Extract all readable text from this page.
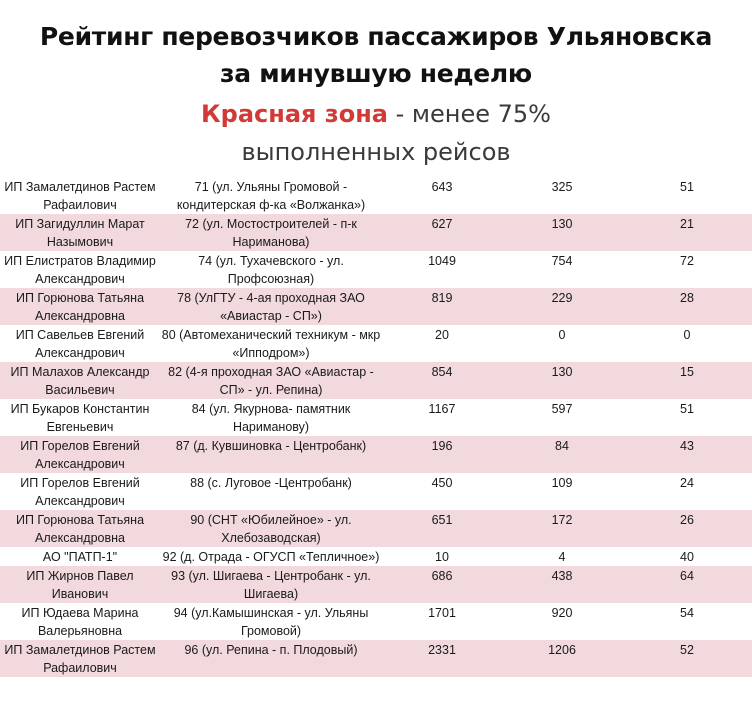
Рейтинг перевозчиков пассажиров Ульяновска
за минувшую неделю
Красная зона - менее 75%
выполненных рейсов
ИП Замалетдинов Растем Рафаилович	71 (ул. Ульяны Громовой - кондитерская ф-ка «Волжанка»)	643	325	51
ИП Загидуллин Марат Назымович	72 (ул. Мостостроителей - п-к Нариманова)	627	130	21
ИП Елистратов Владимир Александрович	74 (ул. Тухачевского - ул. Профсоюзная)	1049	754	72
ИП Горюнова Татьяна Александровна	78 (УлГТУ - 4-ая проходная ЗАО «Авиастар - СП»)	819	229	28
ИП Савельев Евгений Александрович	80 (Автомеханический техникум - мкр «Ипподром»)	20	0	0
ИП Малахов Александр Васильевич	82 (4-я проходная ЗАО «Авиастар - СП» - ул. Репина)	854	130	15
ИП Букаров Константин Евгеньевич	84 (ул. Якурнова- памятник Нариманову)	1167	597	51
ИП Горелов Евгений Александрович	87 (д. Кувшиновка - Центробанк)	196	84	43
ИП Горелов Евгений Александрович	88 (с. Луговое -Центробанк)	450	109	24
ИП Горюнова Татьяна Александровна	90 (СНТ «Юбилейное» - ул. Хлебозаводская)	651	172	26
АО "ПАТП-1"	92 (д. Отрада - ОГУСП «Тепличное»)	10	4	40
ИП Жирнов Павел Иванович	93 (ул. Шигаева - Центробанк - ул. Шигаева)	686	438	64
ИП Юдаева Марина Валерьяновна	94 (ул.Камышинская - ул. Ульяны Громовой)	1701	920	54
ИП Замалетдинов Растем Рафаилович	96 (ул. Репина - п. Плодовый)	2331	1206	52
